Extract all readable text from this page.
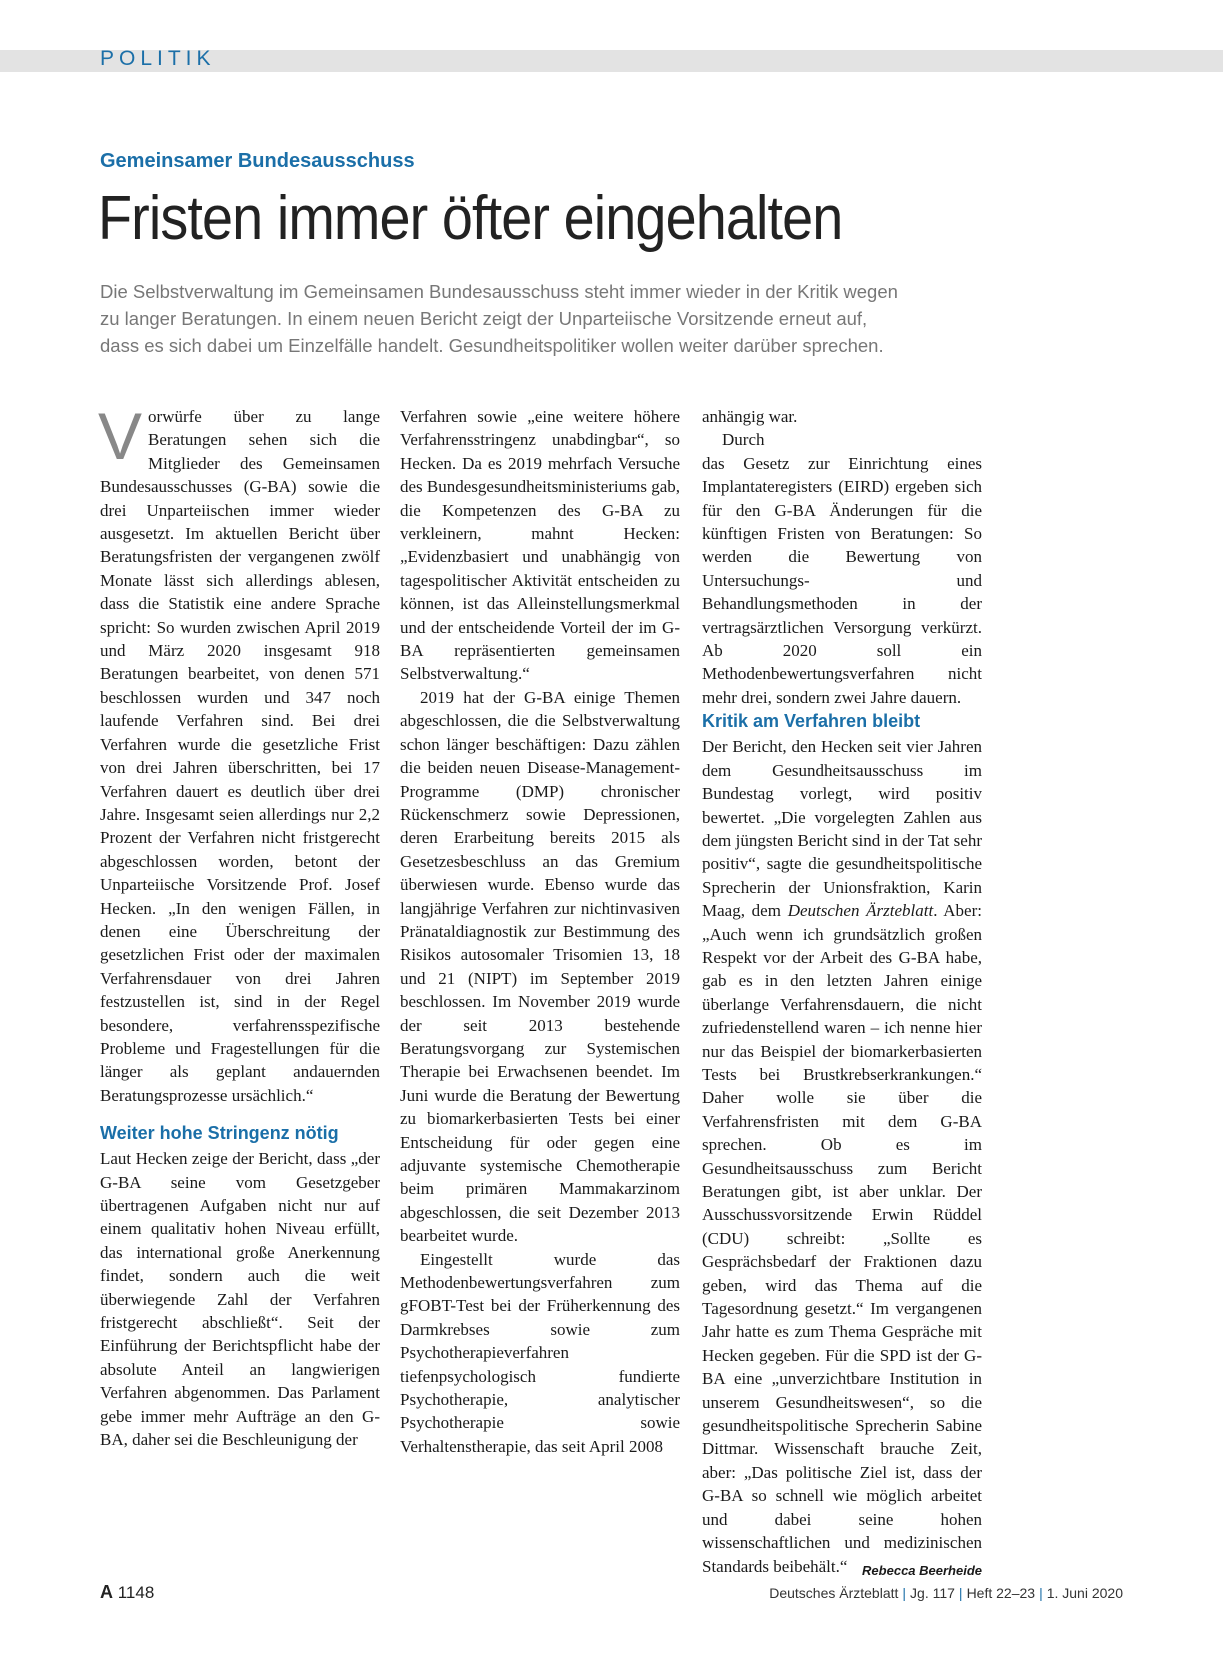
POLITIK
Gemeinsamer Bundesausschuss
Fristen immer öfter eingehalten
Die Selbstverwaltung im Gemeinsamen Bundesausschuss steht immer wieder in der Kritik wegen
zu langer Beratungen. In einem neuen Bericht zeigt der Unparteiische Vorsitzende erneut auf,
dass es sich dabei um Einzelfälle handelt. Gesundheitspolitiker wollen weiter darüber sprechen.

Vorwürfe über zu lange Beratungen sehen sich die Mitglieder des Gemeinsamen Bundesausschusses (G-BA) sowie die drei Unparteiischen immer wieder ausgesetzt. Im aktuellen Bericht über Beratungsfristen der vergangenen zwölf Monate lässt sich allerdings ablesen, dass die Statistik eine andere Sprache spricht: So wurden zwischen April 2019 und März 2020 insgesamt 918 Beratungen bearbeitet, von denen 571 beschlossen wurden und 347 noch laufende Verfahren sind. Bei drei Verfahren wurde die gesetzliche Frist von drei Jahren überschritten, bei 17 Verfahren dauert es deutlich über drei Jahre. Insgesamt seien allerdings nur 2,2 Prozent der Verfahren nicht fristgerecht abgeschlossen worden, betont der Unparteiische Vorsitzende Prof. Josef Hecken. „In den wenigen Fällen, in denen eine Überschreitung der gesetzlichen Frist oder der maximalen Verfahrensdauer von drei Jahren festzustellen ist, sind in der Regel besondere, verfahrensspezifische Probleme und Fragestellungen für die länger als geplant andauernden Beratungsprozesse ursächlich.“

Weiter hohe Stringenz nötig

Laut Hecken zeige der Bericht, dass „der G-BA seine vom Gesetzgeber übertragenen Aufgaben nicht nur auf einem qualitativ hohen Niveau erfüllt, das international große Anerkennung findet, sondern auch die weit überwiegende Zahl der Verfahren fristgerecht abschließt“. Seit der Einführung der Berichtspflicht habe der absolute Anteil an langwierigen Verfahren abgenommen. Das Parlament gebe immer mehr Aufträge an den G-BA, daher sei die Beschleunigung der

Verfahren sowie „eine weitere höhere Verfahrensstringenz unabdingbar“, so Hecken. Da es 2019 mehrfach Versuche des Bundesgesundheitsministeriums gab, die Kompetenzen des G-BA zu verkleinern, mahnt Hecken: „Evidenzbasiert und unabhängig von tagespolitischer Aktivität entscheiden zu können, ist das Alleinstellungsmerkmal und der entscheidende Vorteil der im G-BA repräsentierten gemeinsamen Selbstverwaltung.“

2019 hat der G-BA einige Themen abgeschlossen, die die Selbstverwaltung schon länger beschäftigen: Dazu zählen die beiden neuen Disease-Management-Programme (DMP) chronischer Rückenschmerz sowie Depressionen, deren Erarbeitung bereits 2015 als Gesetzesbeschluss an das Gremium überwiesen wurde. Ebenso wurde das langjährige Verfahren zur nichtinvasiven Pränataldiagnostik zur Bestimmung des Risikos autosomaler Trisomien 13, 18 und 21 (NIPT) im September 2019 beschlossen. Im November 2019 wurde der seit 2013 bestehende Beratungsvorgang zur Systemischen Therapie bei Erwachsenen beendet. Im Juni wurde die Beratung der Bewertung zu biomarkerbasierten Tests bei einer Entscheidung für oder gegen eine adjuvante systemische Chemotherapie beim primären Mammakarzinom abgeschlossen, die seit Dezember 2013 bearbeitet wurde.

Eingestellt wurde das Methodenbewertungsverfahren zum gFOBT-Test bei der Früherkennung des Darmkrebses sowie zum Psychotherapieverfahren tiefenpsychologisch fundierte Psychotherapie, analytischer Psychotherapie sowie Verhaltenstherapie, das seit April 2008

anhängig war.

Durch

das Gesetz zur Einrichtung eines Implantateregisters (EIRD) ergeben sich für den G-BA Änderungen für die künftigen Fristen von Beratungen: So werden die Bewertung von Untersuchungs- und Behandlungsmethoden in der vertragsärztlichen Versorgung verkürzt. Ab 2020 soll ein Methodenbewertungsverfahren nicht mehr drei, sondern zwei Jahre dauern.

Kritik am Verfahren bleibt

Der Bericht, den Hecken seit vier Jahren dem Gesundheitsausschuss im Bundestag vorlegt, wird positiv bewertet. „Die vorgelegten Zahlen aus dem jüngsten Bericht sind in der Tat sehr positiv“, sagte die gesundheitspolitische Sprecherin der Unionsfraktion, Karin Maag, dem Deutschen Ärzteblatt. Aber: „Auch wenn ich grundsätzlich großen Respekt vor der Arbeit des G-BA habe, gab es in den letzten Jahren einige überlange Verfahrensdauern, die nicht zufriedenstellend waren – ich nenne hier nur das Beispiel der biomarkerbasierten Tests bei Brustkrebserkrankungen.“ Daher wolle sie über die Verfahrensfristen mit dem G-BA sprechen. Ob es im Gesundheitsausschuss zum Bericht Beratungen gibt, ist aber unklar. Der Ausschussvorsitzende Erwin Rüddel (CDU) schreibt: „Sollte es Gesprächsbedarf der Fraktionen dazu geben, wird das Thema auf die Tagesordnung gesetzt.“ Im vergangenen Jahr hatte es zum Thema Gespräche mit Hecken gegeben. Für die SPD ist der G-BA eine „unverzichtbare Institution in unserem Gesundheitswesen“, so die gesundheitspolitische Sprecherin Sabine Dittmar. Wissenschaft brauche Zeit, aber: „Das politische Ziel ist, dass der G-BA so schnell wie möglich arbeitet und dabei seine hohen wissenschaftlichen und medizinischen Standards beibehält.“ Rebecca Beerheide

A 1148	Deutsches Ärzteblatt | Jg. 117 | Heft 22–23 | 1. Juni 2020
